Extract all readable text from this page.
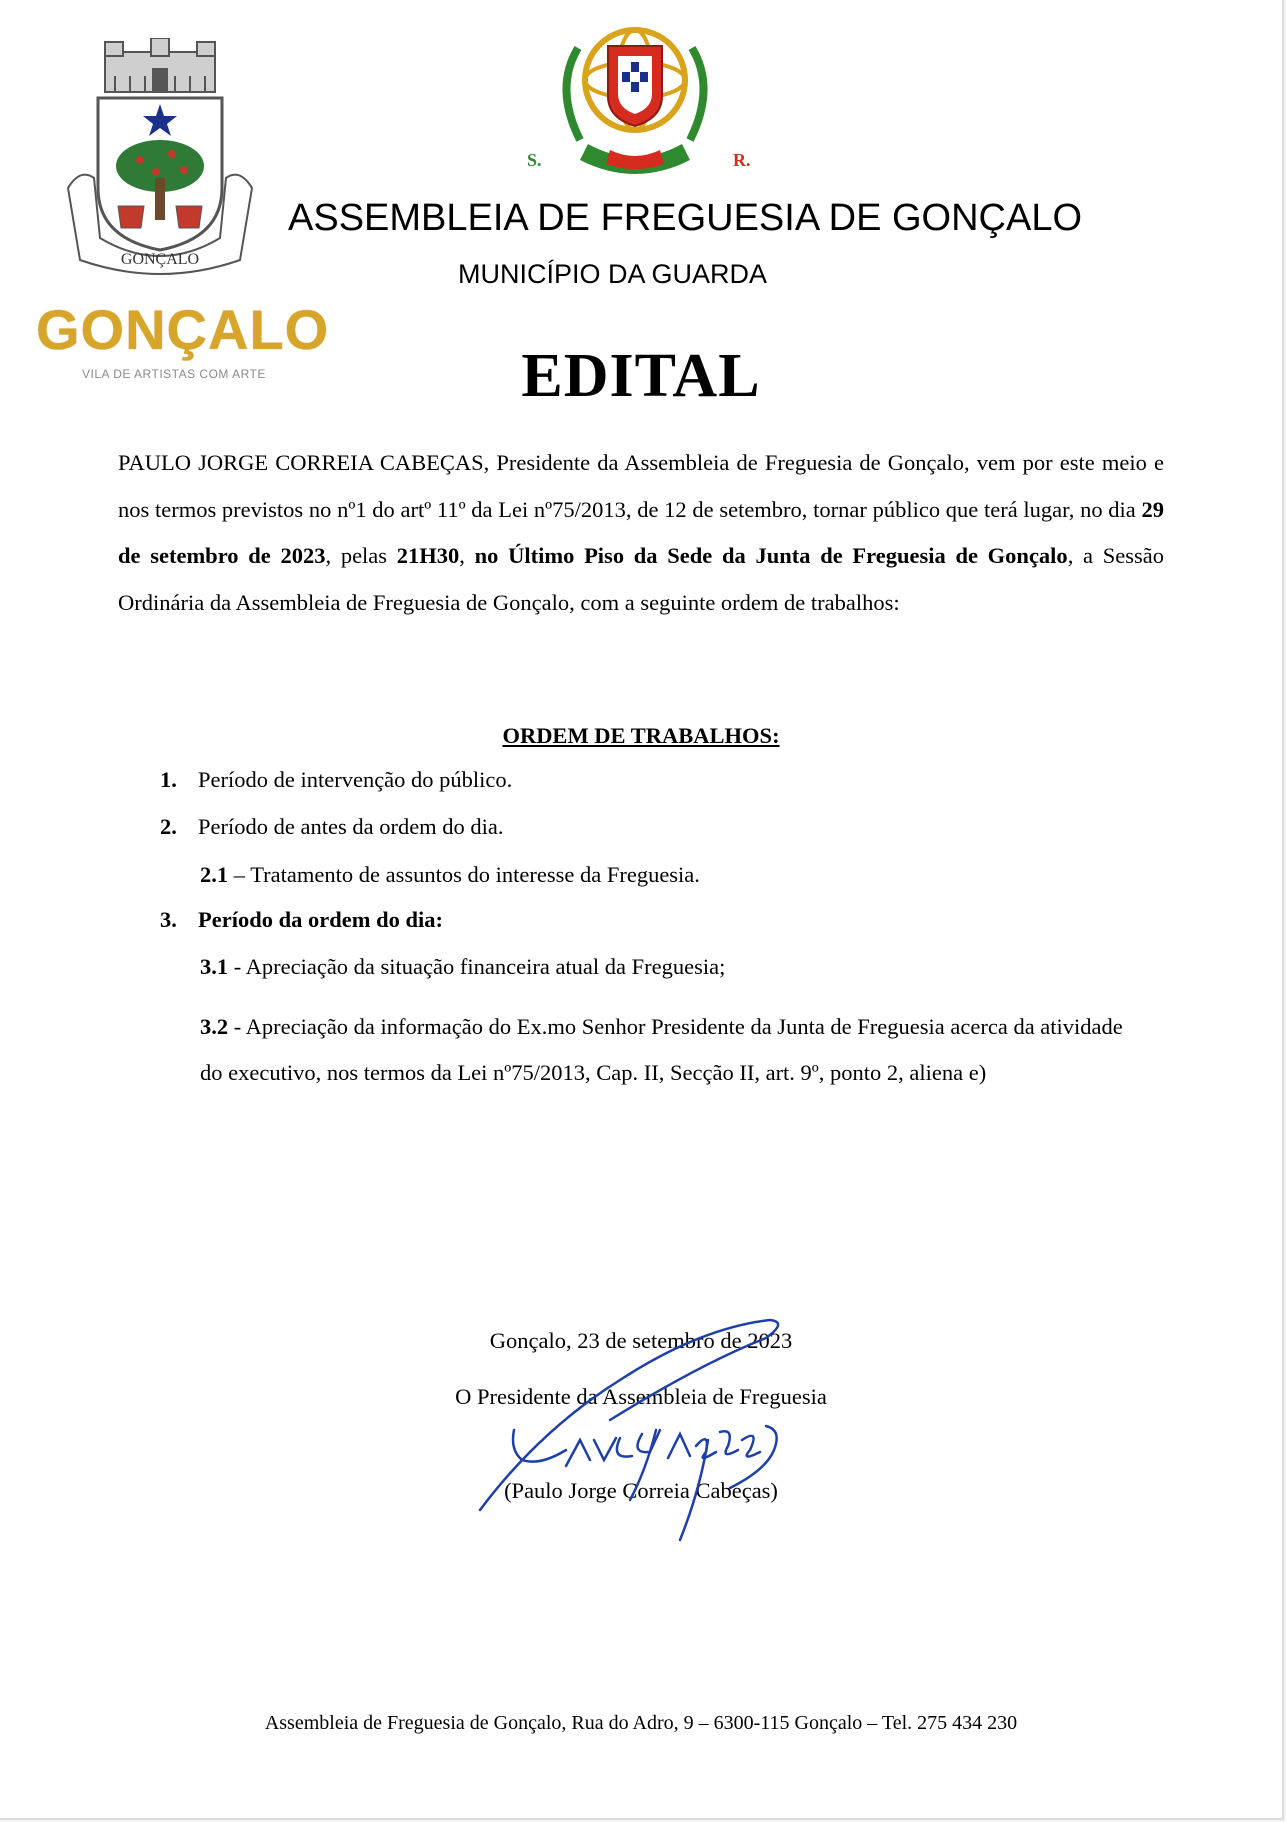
GONÇALO
GONÇALO
VILA DE ARTISTAS COM ARTE
S.	R.
ASSEMBLEIA DE FREGUESIA DE GONÇALO
MUNICÍPIO DA GUARDA
EDITAL
PAULO JORGE CORREIA CABEÇAS, Presidente da Assembleia de Freguesia de Gonçalo, vem por este meio e nos termos previstos no nº1 do artº 11º da Lei nº75/2013, de 12 de setembro, tornar público que terá lugar, no dia 29 de setembro de 2023, pelas 21H30, no Último Piso da Sede da Junta de Freguesia de Gonçalo, a Sessão Ordinária da Assembleia de Freguesia de Gonçalo, com a seguinte ordem de trabalhos:
ORDEM DE TRABALHOS:
1. Período de intervenção do público.
2. Período de antes da ordem do dia.
2.1 – Tratamento de assuntos do interesse da Freguesia.
3. Período da ordem do dia:
3.1 - Apreciação da situação financeira atual da Freguesia;
3.2 - Apreciação da informação do Ex.mo Senhor Presidente da Junta de Freguesia acerca da atividade do executivo, nos termos da Lei nº75/2013, Cap. II, Secção II, art. 9º, ponto 2, aliena e)
Gonçalo, 23 de setembro de 2023
O Presidente da Assembleia de Freguesia
(Paulo Jorge Correia Cabeças)
Pavel Acecas
Assembleia de Freguesia de Gonçalo, Rua do Adro, 9 – 6300-115 Gonçalo – Tel. 275 434 230
